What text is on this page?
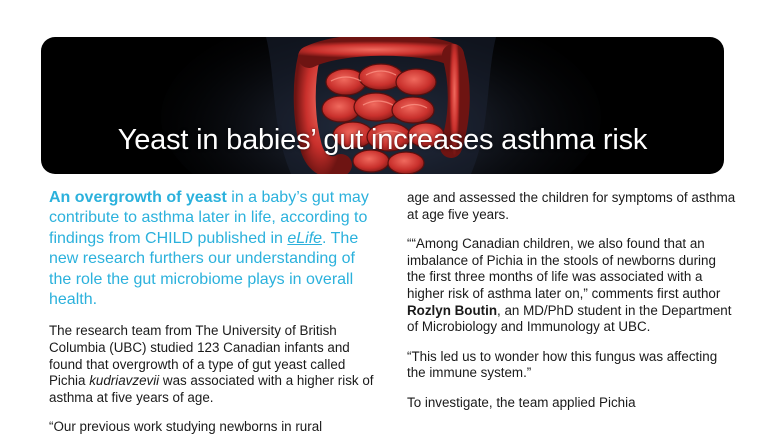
Yeast in babies’ gut increases asthma risk

An overgrowth of yeast in a baby’s gut may contribute to asthma later in life, according to findings from CHILD published in eLife. The new research furthers our understanding of the role the gut microbiome plays in overall health.

The research team from The University of British Columbia (UBC) studied 123 Canadian infants and found that overgrowth of a type of gut yeast called Pichia kudriavzevii was associated with a higher risk of asthma at five years of age.

“Our previous work studying newborns in rural

age and assessed the children for symptoms of asthma at age five years.

““Among Canadian children, we also found that an imbalance of Pichia in the stools of newborns during the first three months of life was associated with a higher risk of asthma later on,” comments first author Rozlyn Boutin, an MD/PhD student in the Department of Microbiology and Immunology at UBC.

“This led us to wonder how this fungus was affecting the immune system.”

To investigate, the team applied Pichia
